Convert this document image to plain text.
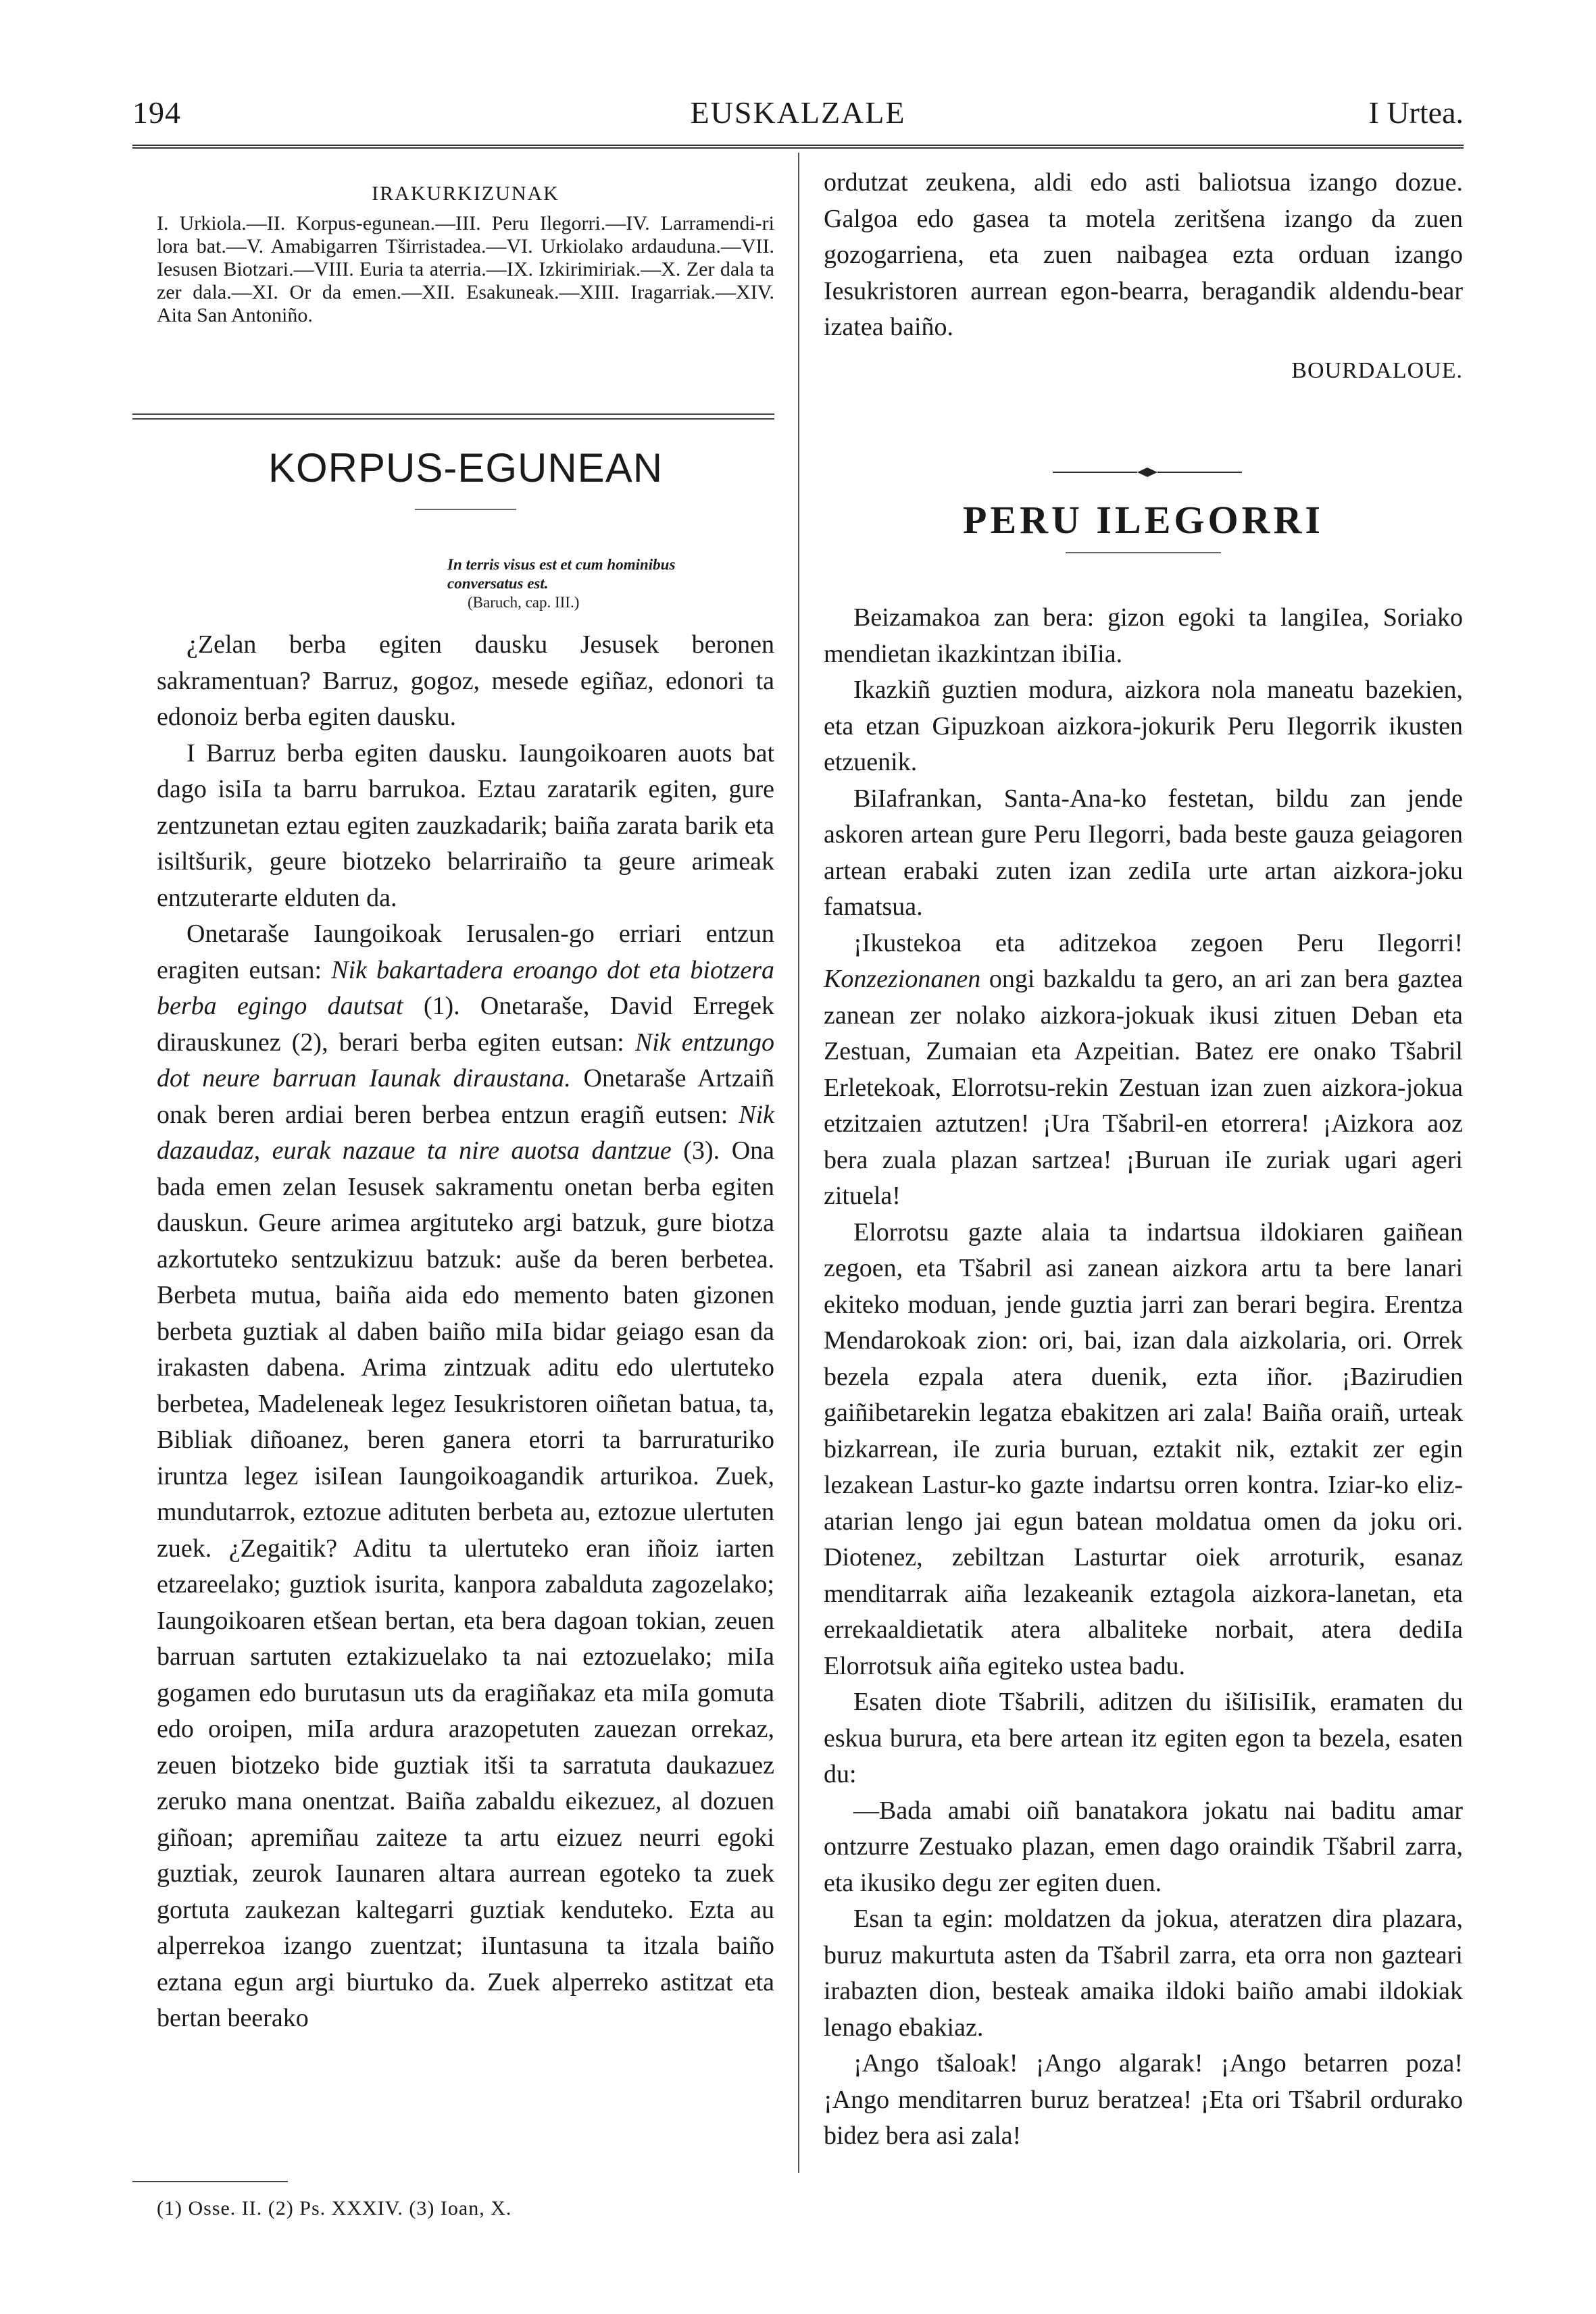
194	EUSKALZALE	I Urtea.
IRAKURKIZUNAK

I. Urkiola.—II. Korpus-egunean.—III. Peru Ilegorri.—IV. Larramendi-ri lora bat.—V. Amabigarren Tširristadea.—VI. Urkiolako ardauduna.—VII. Iesusen Biotzari.—VIII. Euria ta aterria.—IX. Izkirimiriak.—X. Zer dala ta zer dala.—XI. Or da emen.—XII. Esakuneak.—XIII. Iragarriak.—XIV. Aita San Antoniño.

KORPUS-EGUNEAN
In terris visus est et cum hominibus
conversatus est.
(Baruch, cap. III.)

¿Zelan berba egiten dausku Jesusek beronen sakramentuan? Barruz, gogoz, mesede egiñaz, edonori ta edonoiz berba egiten dausku.

I Barruz berba egiten dausku. Iaungoikoaren auots bat dago isiIa ta barru barrukoa. Eztau zaratarik egiten, gure zentzunetan eztau egiten zauzkadarik; baiña zarata barik eta isiltšurik, geure biotzeko belarriraiño ta geure arimeak entzuterarte elduten da.

Onetaraše Iaungoikoak Ierusalen-go erriari entzun eragiten eutsan: Nik bakartadera eroango dot eta biotzera berba egingo dautsat (1). Onetaraše, David Erregek dirauskunez (2), berari berba egiten eutsan: Nik entzungo dot neure barruan Iaunak diraustana. Onetaraše Artzaiñ onak beren ardiai beren berbea entzun eragiñ eutsen: Nik dazaudaz, eurak nazaue ta nire auotsa dantzue (3). Ona bada emen zelan Iesusek sakramentu onetan berba egiten dauskun. Geure arimea argituteko argi batzuk, gure biotza azkortuteko sentzukizuu batzuk: auše da beren berbetea. Berbeta mutua, baiña aida edo memento baten gizonen berbeta guztiak al daben baiño miIa bidar geiago esan da irakasten dabena. Arima zintzuak aditu edo ulertuteko berbetea, Madeleneak legez Iesukristoren oiñetan batua, ta, Bibliak diñoanez, beren ganera etorri ta barruraturiko iruntza legez isiIean Iaungoikoagandik arturikoa. Zuek, mundutarrok, eztozue adituten berbeta au, eztozue ulertuten zuek. ¿Zegaitik? Aditu ta ulertuteko eran iñoiz iarten etzareelako; guztiok isurita, kanpora zabalduta zagozelako; Iaungoikoaren etšean bertan, eta bera dagoan tokian, zeuen barruan sartuten eztakizuelako ta nai eztozuelako; miIa gogamen edo burutasun uts da eragiñakaz eta miIa gomuta edo oroipen, miIa ardura arazopetuten zauezan orrekaz, zeuen biotzeko bide guztiak itši ta sarratuta daukazuez zeruko mana onentzat. Baiña zabaldu eikezuez, al dozuen giñoan; apremiñau zaiteze ta artu eizuez neurri egoki guztiak, zeurok Iaunaren altara aurrean egoteko ta zuek gortuta zaukezan kaltegarri guztiak kenduteko. Ezta au alperrekoa izango zuentzat; iIuntasuna ta itzala baiño eztana egun argi biurtuko da. Zuek alperreko astitzat eta bertan beerako

(1) Osse. II. (2) Ps. XXXIV. (3) Ioan, X.

ordutzat zeukena, aldi edo asti baliotsua izango dozue. Galgoa edo gasea ta motela zeritšena izango da zuen gozogarriena, eta zuen naibagea ezta orduan izango Iesukristoren aurrean egon-bearra, beragandik aldendu-bear izatea baiño.

BOURDALOUE.
PERU ILEGORRI

Beizamakoa zan bera: gizon egoki ta langiIea, Soriako mendietan ikazkintzan ibiIia.

Ikazkiñ guztien modura, aizkora nola maneatu bazekien, eta etzan Gipuzkoan aizkora-jokurik Peru Ilegorrik ikusten etzuenik.

BiIafrankan, Santa-Ana-ko festetan, bildu zan jende askoren artean gure Peru Ilegorri, bada beste gauza geiagoren artean erabaki zuten izan zediIa urte artan aizkora-joku famatsua.

¡Ikustekoa eta aditzekoa zegoen Peru Ilegorri! Konzezionanen ongi bazkaldu ta gero, an ari zan bera gaztea zanean zer nolako aizkora-jokuak ikusi zituen Deban eta Zestuan, Zumaian eta Azpeitian. Batez ere onako Tšabril Erletekoak, Elorrotsu-rekin Zestuan izan zuen aizkora-jokua etzitzaien aztutzen! ¡Ura Tšabril-en etorrera! ¡Aizkora aoz bera zuala plazan sartzea! ¡Buruan iIe zuriak ugari ageri zituela!

Elorrotsu gazte alaia ta indartsua ildokiaren gaiñean zegoen, eta Tšabril asi zanean aizkora artu ta bere lanari ekiteko moduan, jende guztia jarri zan berari begira. Erentza Mendarokoak zion: ori, bai, izan dala aizkolaria, ori. Orrek bezela ezpala atera duenik, ezta iñor. ¡Bazirudien gaiñibetarekin legatza ebakitzen ari zala! Baiña oraiñ, urteak bizkarrean, iIe zuria buruan, eztakit nik, eztakit zer egin lezakean Lastur-ko gazte indartsu orren kontra. Iziar-ko eliz-atarian lengo jai egun batean moldatua omen da joku ori. Diotenez, zebiltzan Lasturtar oiek arroturik, esanaz menditarrak aiña lezakeanik eztagola aizkora-lanetan, eta errekaaldietatik atera albaliteke norbait, atera dediIa Elorrotsuk aiña egiteko ustea badu.

Esaten diote Tšabrili, aditzen du išiIisiIik, eramaten du eskua burura, eta bere artean itz egiten egon ta bezela, esaten du:

—Bada amabi oiñ banatakora jokatu nai baditu amar ontzurre Zestuako plazan, emen dago oraindik Tšabril zarra, eta ikusiko degu zer egiten duen.

Esan ta egin: moldatzen da jokua, ateratzen dira plazara, buruz makurtuta asten da Tšabril zarra, eta orra non gazteari irabazten dion, besteak amaika ildoki baiño amabi ildokiak lenago ebakiaz.

¡Ango tšaloak! ¡Ango algarak! ¡Ango betarren poza! ¡Ango menditarren buruz beratzea! ¡Eta ori Tšabril ordurako bidez bera asi zala!
